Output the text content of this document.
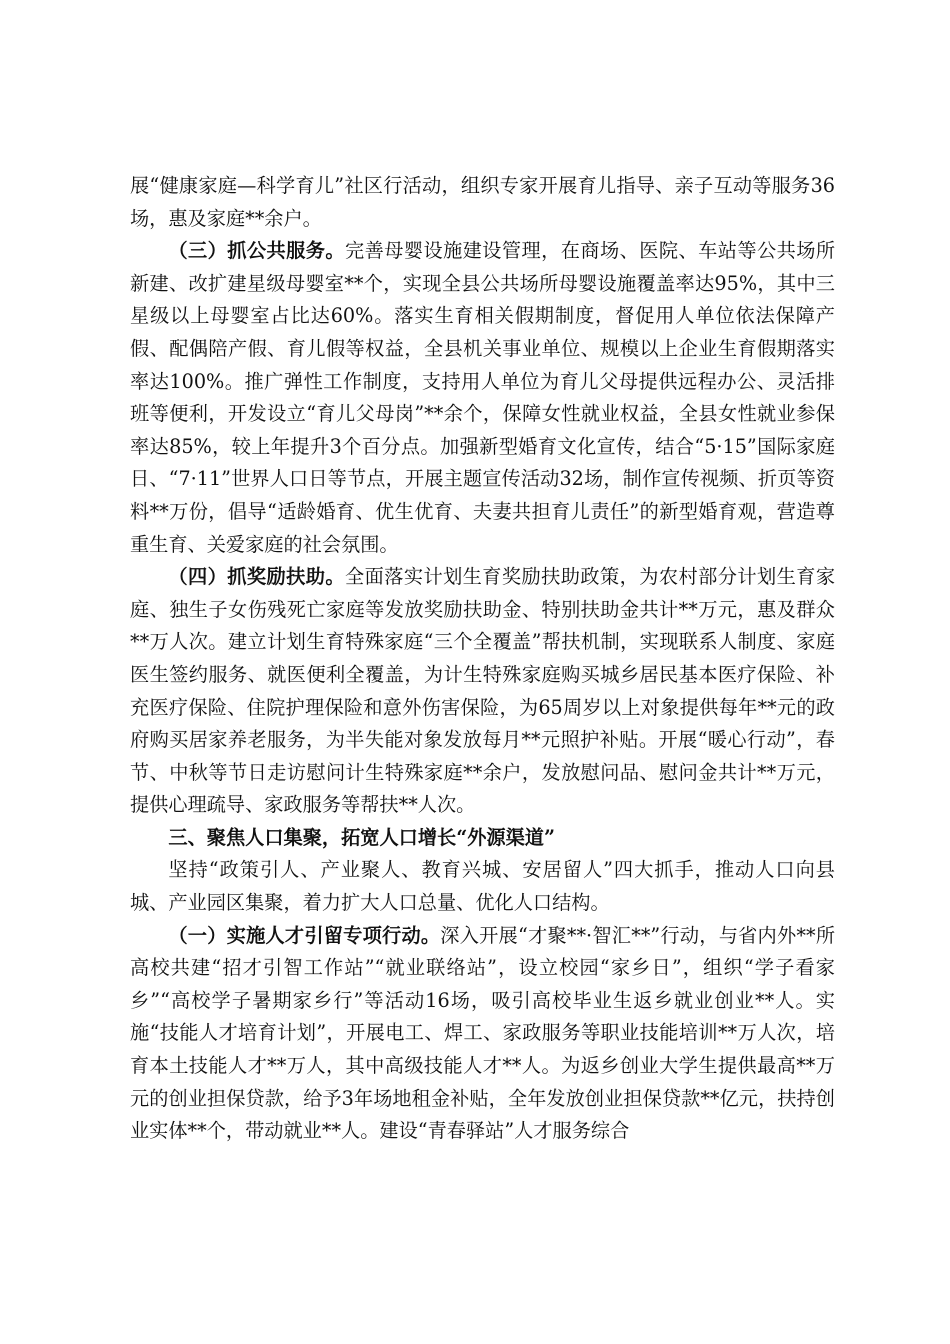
展“健康家庭—科学育儿”社区行活动，组织专家开展育儿指导、亲子互动等服务36场，惠及家庭**余户。

（三）抓公共服务。完善母婴设施建设管理，在商场、医院、车站等公共场所新建、改扩建星级母婴室**个，实现全县公共场所母婴设施覆盖率达95%，其中三星级以上母婴室占比达60%。落实生育相关假期制度，督促用人单位依法保障产假、配偶陪产假、育儿假等权益，全县机关事业单位、规模以上企业生育假期落实率达100%。推广弹性工作制度，支持用人单位为育儿父母提供远程办公、灵活排班等便利，开发设立“育儿父母岗”**余个，保障女性就业权益，全县女性就业参保率达85%，较上年提升3个百分点。加强新型婚育文化宣传，结合“5·15”国际家庭日、“7·11”世界人口日等节点，开展主题宣传活动32场，制作宣传视频、折页等资料**万份，倡导“适龄婚育、优生优育、夫妻共担育儿责任”的新型婚育观，营造尊重生育、关爱家庭的社会氛围。

（四）抓奖励扶助。全面落实计划生育奖励扶助政策，为农村部分计划生育家庭、独生子女伤残死亡家庭等发放奖励扶助金、特别扶助金共计**万元，惠及群众**万人次。建立计划生育特殊家庭“三个全覆盖”帮扶机制，实现联系人制度、家庭医生签约服务、就医便利全覆盖，为计生特殊家庭购买城乡居民基本医疗保险、补充医疗保险、住院护理保险和意外伤害保险，为65周岁以上对象提供每年**元的政府购买居家养老服务，为半失能对象发放每月**元照护补贴。开展“暖心行动”，春节、中秋等节日走访慰问计生特殊家庭**余户，发放慰问品、慰问金共计**万元，提供心理疏导、家政服务等帮扶**人次。

三、聚焦人口集聚，拓宽人口增长“外源渠道”

坚持“政策引人、产业聚人、教育兴城、安居留人”四大抓手，推动人口向县城、产业园区集聚，着力扩大人口总量、优化人口结构。

（一）实施人才引留专项行动。深入开展“才聚**·智汇**”行动，与省内外**所高校共建“招才引智工作站”“就业联络站”，设立校园“家乡日”，组织“学子看家乡”“高校学子暑期家乡行”等活动16场，吸引高校毕业生返乡就业创业**人。实施“技能人才培育计划”，开展电工、焊工、家政服务等职业技能培训**万人次，培育本土技能人才**万人，其中高级技能人才**人。为返乡创业大学生提供最高**万元的创业担保贷款，给予3年场地租金补贴，全年发放创业担保贷款**亿元，扶持创业实体**个，带动就业**人。建设“青春驿站”人才服务综合
